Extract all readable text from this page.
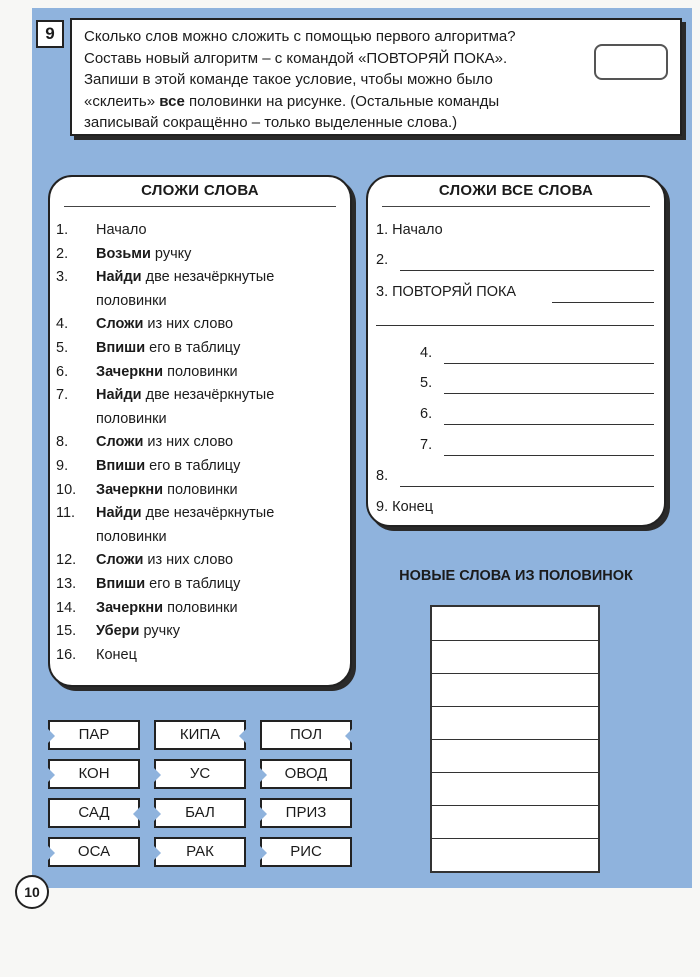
9	Сколько слов можно сложить с помощью первого алгоритма?
Составь новый алгоритм – с командой «ПОВТОРЯЙ ПОКА».
Запиши в этой команде такое условие, чтобы можно было
«склеить» все половинки на рисунке. (Остальные команды
записывай сокращённо – только выделенные слова.)
СЛОЖИ СЛОВА
1.	Начало
2.	Возьми ручку
3.	Найди две незачёркнутые
половинки
4.	Сложи из них слово
5.	Впиши его в таблицу
6.	Зачеркни половинки
7.	Найди две незачёркнутые
половинки
8.	Сложи из них слово
9.	Впиши его в таблицу
10.	Зачеркни половинки
11.	Найди две незачёркнутые
половинки
12.	Сложи из них слово
13.	Впиши его в таблицу
14.	Зачеркни половинки
15.	Убери ручку
16.	Конец
СЛОЖИ ВСЕ СЛОВА
1. Начало
2.
3. ПОВТОРЯЙ ПОКА
4.
5.
6.
7.
8.
9. Конец
НОВЫЕ СЛОВА ИЗ ПОЛОВИНОК
ПАР	КИПА	ПОЛ
КОН	УС	ОВОД
САД	БАЛ	ПРИЗ
ОСА	РАК	РИС
10
